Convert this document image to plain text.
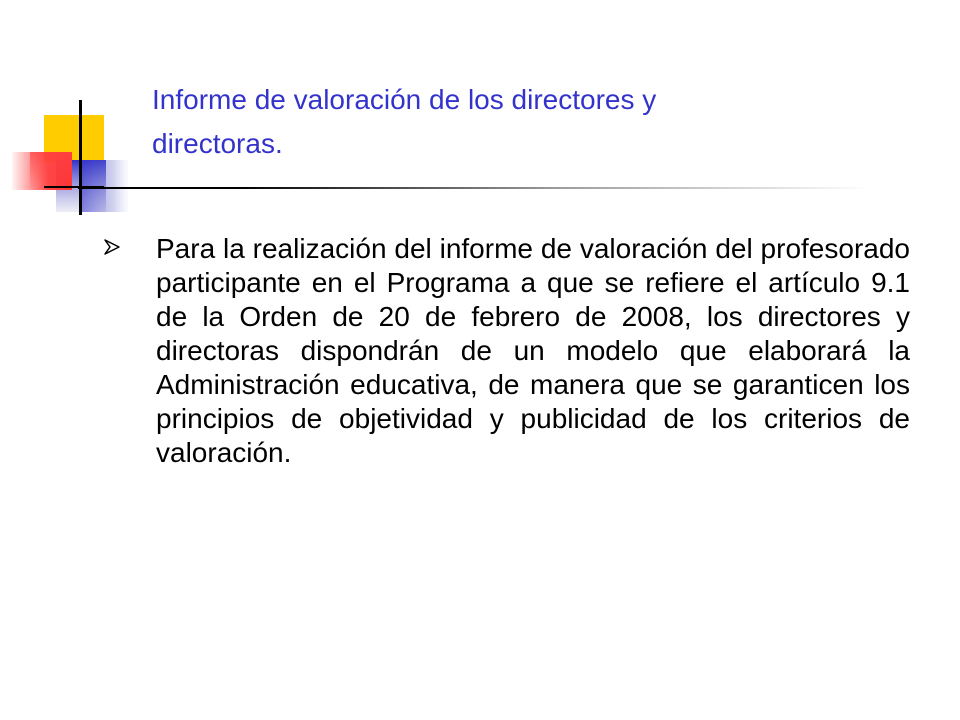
Informe de valoración de los directores y
directoras.

Para la realización del informe de valoración del profesorado participante en el Programa a que se refiere el artículo 9.1 de la Orden de 20 de febrero de 2008, los directores y directoras dispondrán de un modelo que elaborará la Administración educativa, de manera que se garanticen los principios de objetividad y publicidad de los criterios de valoración.
